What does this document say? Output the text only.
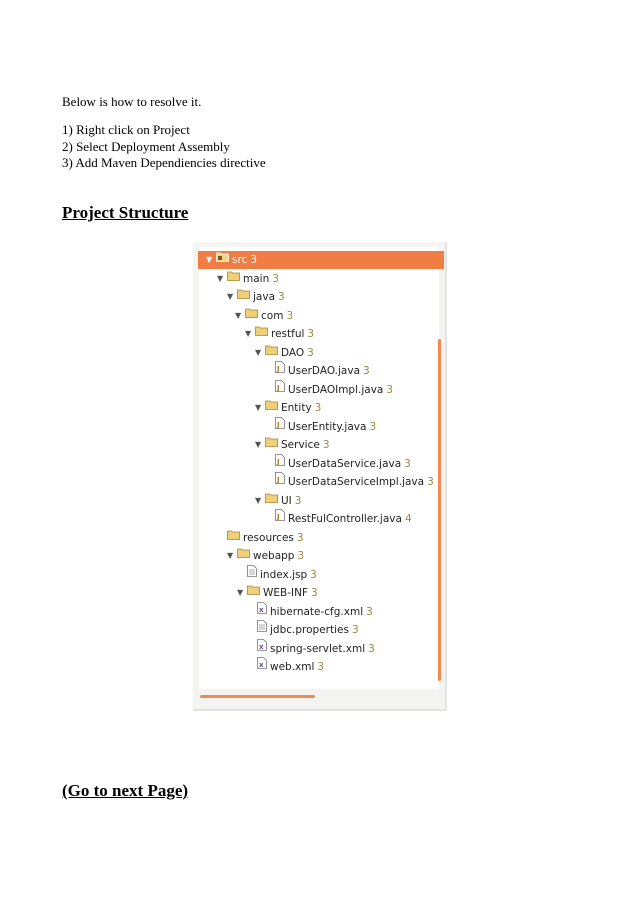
Below is how to resolve it.
1) Right click on Project
2) Select Deployment Assembly
3) Add Maven Dependiencies directive
Project Structure
▼ src 3
▼ main 3
▼ java 3
▼ com 3
▼ restful 3
▼ DAO 3
J UserDAO.java 3
J UserDAOImpl.java 3
▼ Entity 3
J UserEntity.java 3
▼ Service 3
J UserDataService.java 3
J UserDataServiceImpl.java 3
▼ UI 3
J RestFulController.java 4
resources 3
▼ webapp 3
index.jsp 3
▼ WEB-INF 3
x hibernate-cfg.xml 3
jdbc.properties 3
x spring-servlet.xml 3
x web.xml 3
(Go to next Page)
